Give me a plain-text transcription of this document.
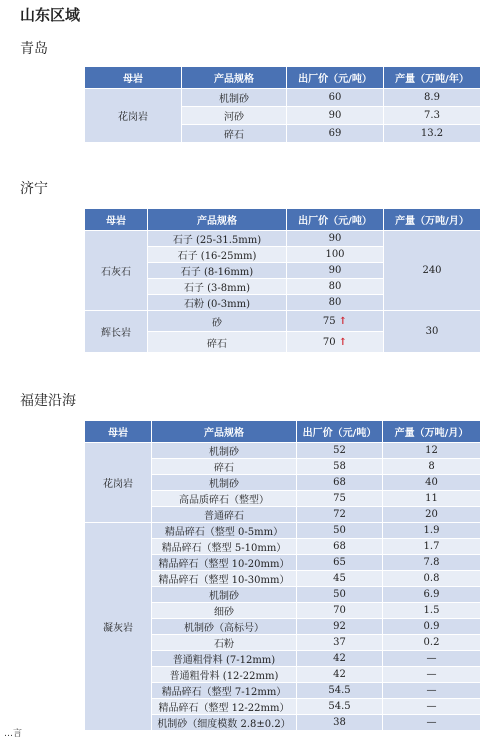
山东区域
青岛
母岩	产品规格	出厂价（元/吨）	产量（万吨/年）
花岗岩	机制砂	60	8.9
	河砂	90	7.3
	碎石	69	13.2
济宁
母岩	产品规格	出厂价（元/吨）	产量（万吨/月）
石灰石	石子 (25-31.5mm)	90	240
	石子 (16-25mm)	100	
	石子 (8-16mm)	90	
	石子 (3-8mm)	80	
	石粉 (0-3mm)	80	
辉长岩	砂	75 ↑	30
	碎石	70 ↑	
福建沿海
母岩	产品规格	出厂价（元/吨）	产量（万吨/月）
花岗岩	机制砂	52	12
	碎石	58	8
	机制砂	68	40
	高品质碎石（整型）	75	11
	普通碎石	72	20
凝灰岩	精品碎石（整型 0-5mm）	50	1.9
	精品碎石（整型 5-10mm）	68	1.7
	精品碎石（整型 10-20mm）	65	7.8
	精品碎石（整型 10-30mm）	45	0.8
	机制砂	50	6.9
	细砂	70	1.5
	机制砂（高标号）	92	0.9
	石粉	37	0.2
	普通粗骨料 (7-12mm)	42	—
	普通粗骨料 (12-22mm)	42	—
	精品碎石（整型 7-12mm）	54.5	—
	精品碎石（整型 12-22mm）	54.5	—
	机制砂（细度模数 2.8±0.2）	38	—
…言
